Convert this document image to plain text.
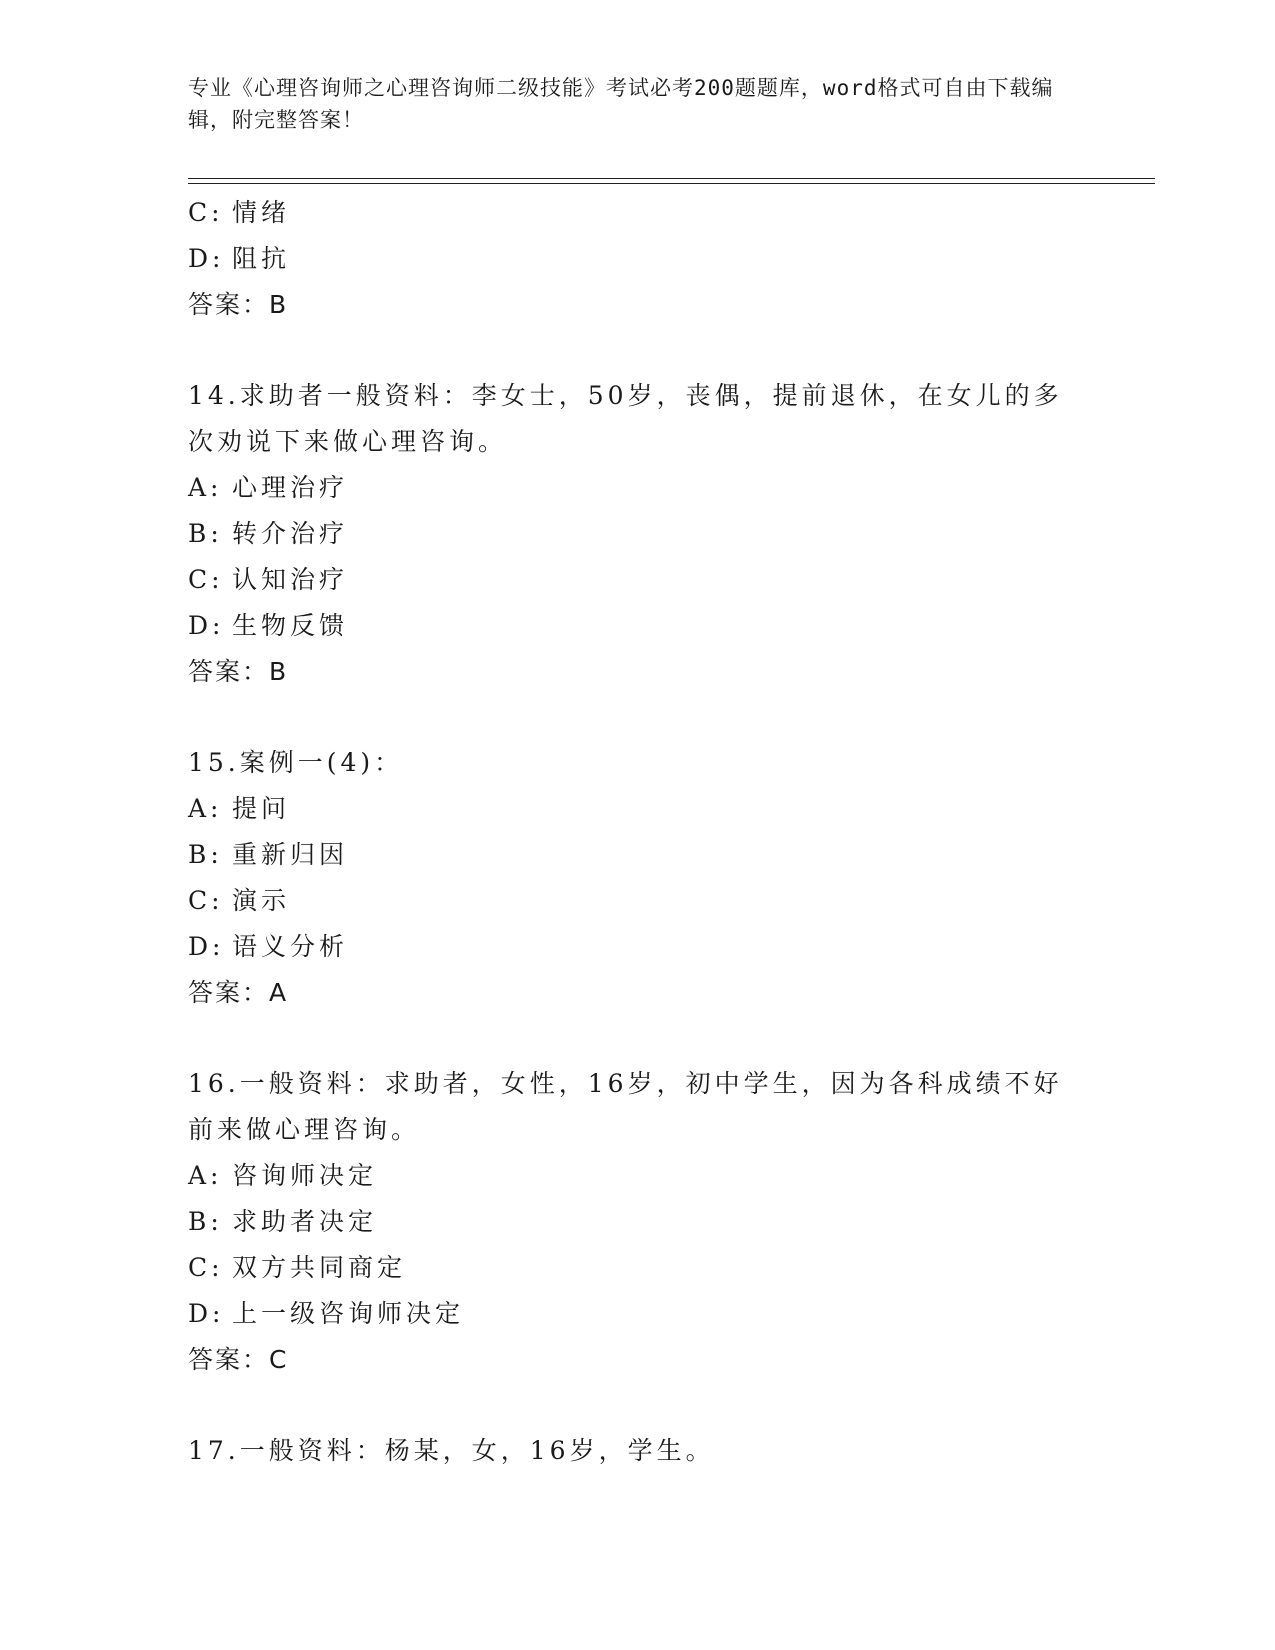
专业《心理咨询师之心理咨询师二级技能》考试必考200题题库，word格式可自由下载编辑，附完整答案！
C: 情绪
D: 阻抗
答案：B
14.求助者一般资料：李女士，50岁，丧偶，提前退休，在女儿的多次劝说下来做心理咨询。
A: 心理治疗
B: 转介治疗
C: 认知治疗
D: 生物反馈
答案：B
15.案例一(4)：
A: 提问
B: 重新归因
C: 演示
D: 语义分析
答案：A
16.一般资料：求助者，女性，16岁，初中学生，因为各科成绩不好前来做心理咨询。
A: 咨询师决定
B: 求助者决定
C: 双方共同商定
D: 上一级咨询师决定
答案：C
17.一般资料：杨某，女，16岁，学生。
